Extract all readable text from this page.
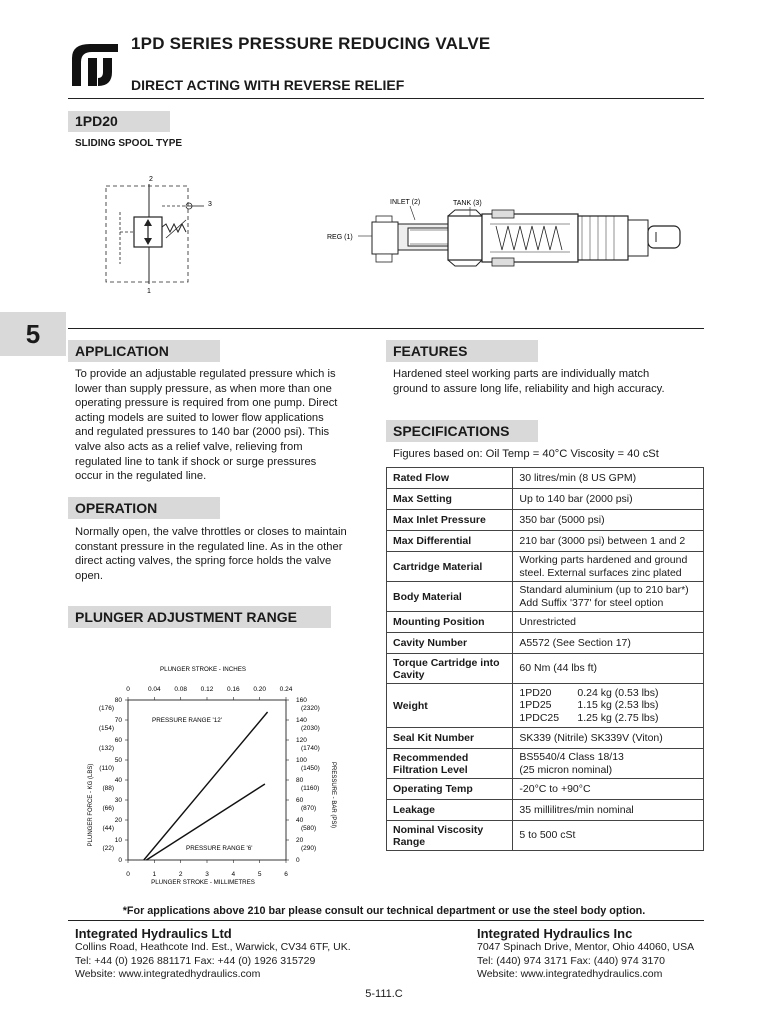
1PD SERIES PRESSURE REDUCING VALVE
DIRECT ACTING WITH REVERSE RELIEF
1PD20
SLIDING SPOOL TYPE
2
3
1
INLET (2)	TANK (3)
REG (1)
5
APPLICATION
To provide an adjustable regulated pressure which is
lower than supply pressure, as when more than one
operating pressure is required from one pump. Direct
acting models are suited to lower flow applications
and regulated pressures to 140 bar (2000 psi). This
valve also acts as a relief valve, relieving from
regulated line to tank if shock or surge pressures
occur in the regulated line.
OPERATION
Normally open, the valve throttles or closes to maintain
constant pressure in the regulated line. As in the other
direct acting valves, the spring force holds the valve
open.
PLUNGER ADJUSTMENT RANGE
PLUNGER STROKE - INCHES
PLUNGER STROKE - MILLIMETRES
PLUNGER FORCE - KG (LBS)	PRESSURE - BAR (PSI)
0	1	2	3	4	5	6
0	0.04 0.08 0.12 0.16 0.20 0.24
80
(176)
70
(154)
60
(132)
50
(110)
40
(88)
30
(66)
20
(44)
10
(22)
0
160
(2320)
140
(2030)
120
(1740)
100
(1450)
80
(1160)
60
(870)
40
(580)
20
(290)
0
PRESSURE RANGE '12'
PRESSURE RANGE '6'
FEATURES
Hardened steel working parts are individually match
ground to assure long life, reliability and high accuracy.
SPECIFICATIONS
Figures based on: Oil Temp = 40°C Viscosity = 40 cSt
Rated Flow	30 litres/min (8 US GPM)

Max Setting	Up to 140 bar (2000 psi)

Max Inlet Pressure	350 bar (5000 psi)

Max Differential	210 bar (3000 psi) between 1 and 2

Cartridge Material	Working parts hardened and ground
steel. External surfaces zinc plated

Body Material	Standard aluminium (up to 210 bar*)
Add Suffix '377' for steel option

Mounting Position	Unrestricted

Cavity Number	A5572 (See Section 17)

Torque Cartridge into Cavity	60 Nm (44 lbs ft)

Weight	1PD20 0.24 kg (0.53 lbs)
1PD25 1.15 kg (2.53 lbs)
1PDC25 1.25 kg (2.75 lbs)

Seal Kit Number	SK339 (Nitrile) SK339V (Viton)

Recommended Filtration Level	BS5540/4 Class 18/13
(25 micron nominal)

Operating Temp	-20°C to +90°C

Leakage	35 millilitres/min nominal

Nominal Viscosity Range	5 to 500 cSt
*For applications above 210 bar please consult our technical department or use the steel body option.
Integrated Hydraulics Ltd
Collins Road, Heathcote Ind. Est., Warwick, CV34 6TF, UK.
Tel: +44 (0) 1926 881171 Fax: +44 (0) 1926 315729
Website: www.integratedhydraulics.com
Integrated Hydraulics Inc
7047 Spinach Drive, Mentor, Ohio 44060, USA
Tel: (440) 974 3171 Fax: (440) 974 3170
Website: www.integratedhydraulics.com
5-111.C
